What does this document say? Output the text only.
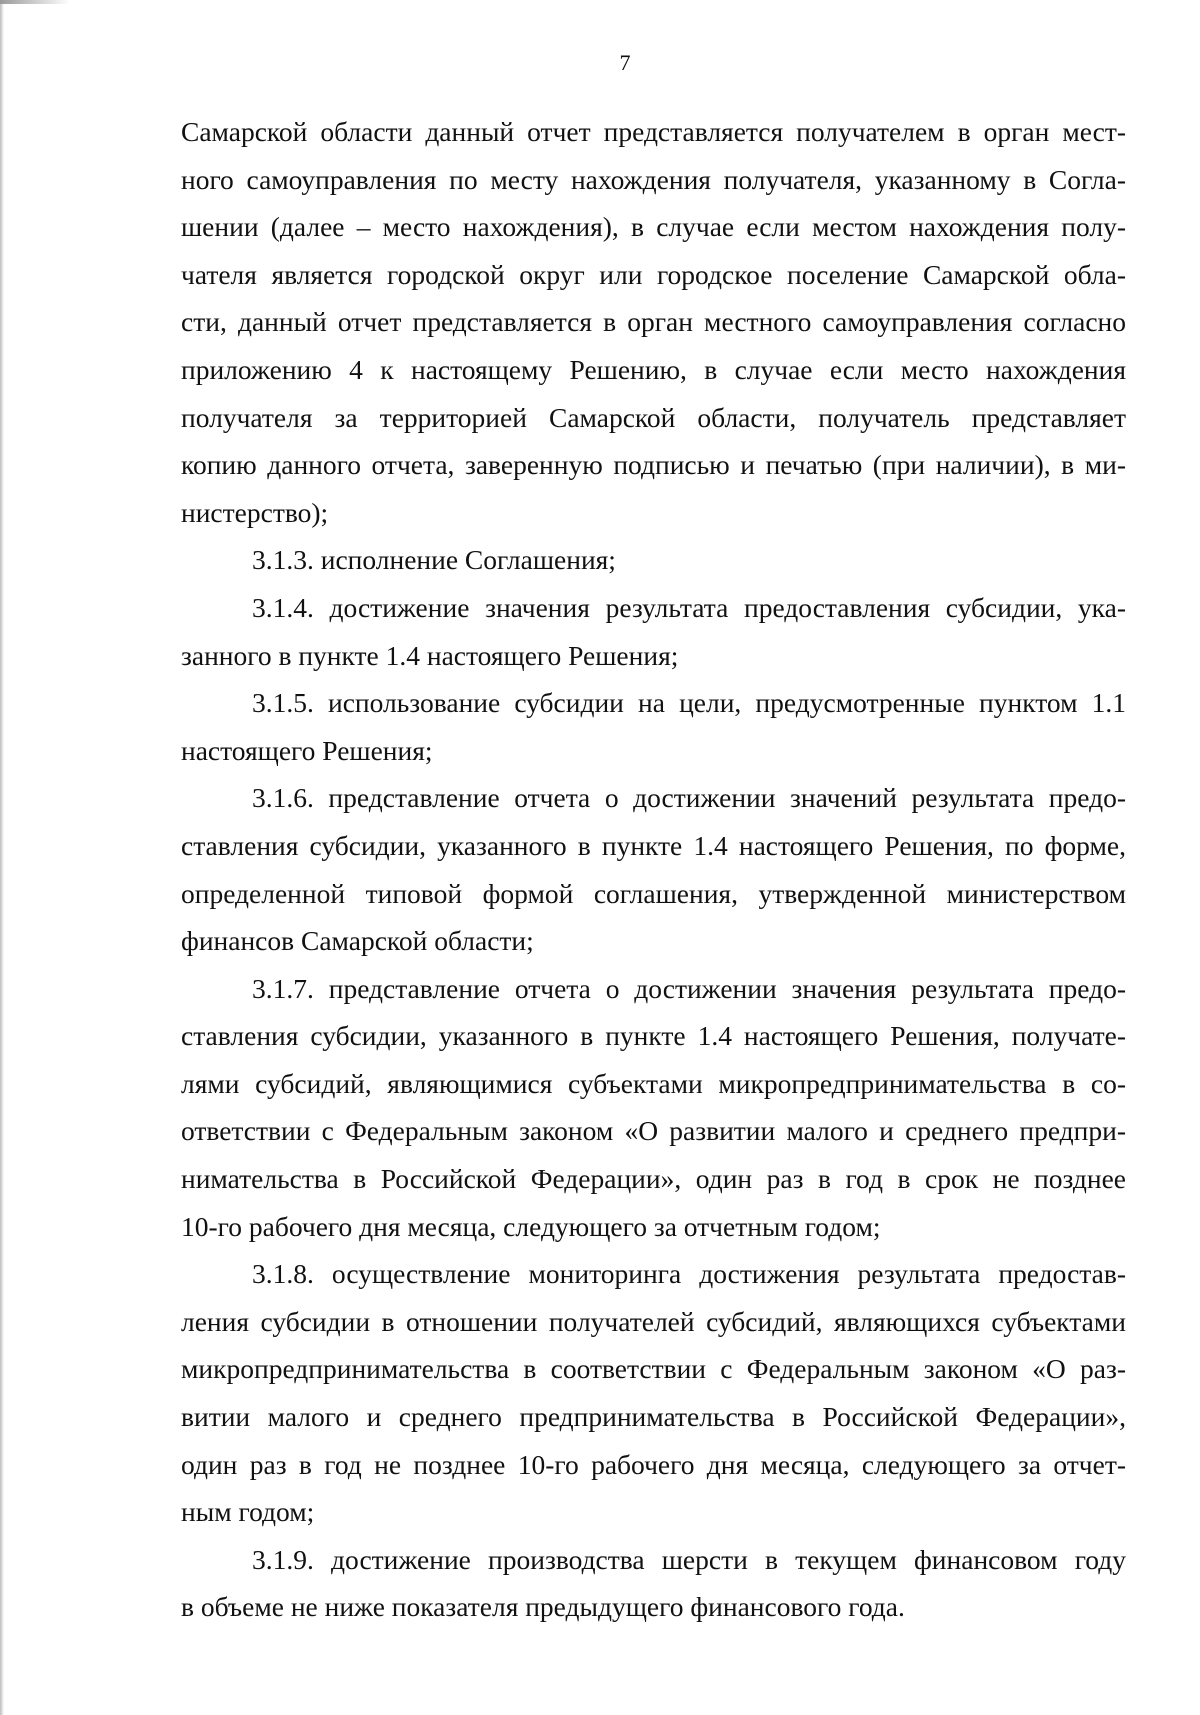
7
Самарской области данный отчет представляется получателем в орган мест-
ного самоуправления по месту нахождения получателя, указанному в Согла-
шении (далее – место нахождения), в случае если местом нахождения полу-
чателя является городской округ или городское поселение Самарской обла-
сти, данный отчет представляется в орган местного самоуправления согласно
приложению 4 к настоящему Решению, в случае если место нахождения
получателя за территорией Самарской области, получатель представляет
копию данного отчета, заверенную подписью и печатью (при наличии), в ми-
нистерство);
3.1.3. исполнение Соглашения;
3.1.4. достижение значения результата предоставления субсидии, ука-
занного в пункте 1.4 настоящего Решения;
3.1.5. использование субсидии на цели, предусмотренные пунктом 1.1
настоящего Решения;
3.1.6. представление отчета о достижении значений результата предо-
ставления субсидии, указанного в пункте 1.4 настоящего Решения, по форме,
определенной типовой формой соглашения, утвержденной министерством
финансов Самарской области;
3.1.7. представление отчета о достижении значения результата предо-
ставления субсидии, указанного в пункте 1.4 настоящего Решения, получате-
лями субсидий, являющимися субъектами микропредпринимательства в со-
ответствии с Федеральным законом «О развитии малого и среднего предпри-
нимательства в Российской Федерации», один раз в год в срок не позднее
10-го рабочего дня месяца, следующего за отчетным годом;
3.1.8. осуществление мониторинга достижения результата предостав-
ления субсидии в отношении получателей субсидий, являющихся субъектами
микропредпринимательства в соответствии с Федеральным законом «О раз-
витии малого и среднего предпринимательства в Российской Федерации»,
один раз в год не позднее 10-го рабочего дня месяца, следующего за отчет-
ным годом;
3.1.9. достижение производства шерсти в текущем финансовом году
в объеме не ниже показателя предыдущего финансового года.
